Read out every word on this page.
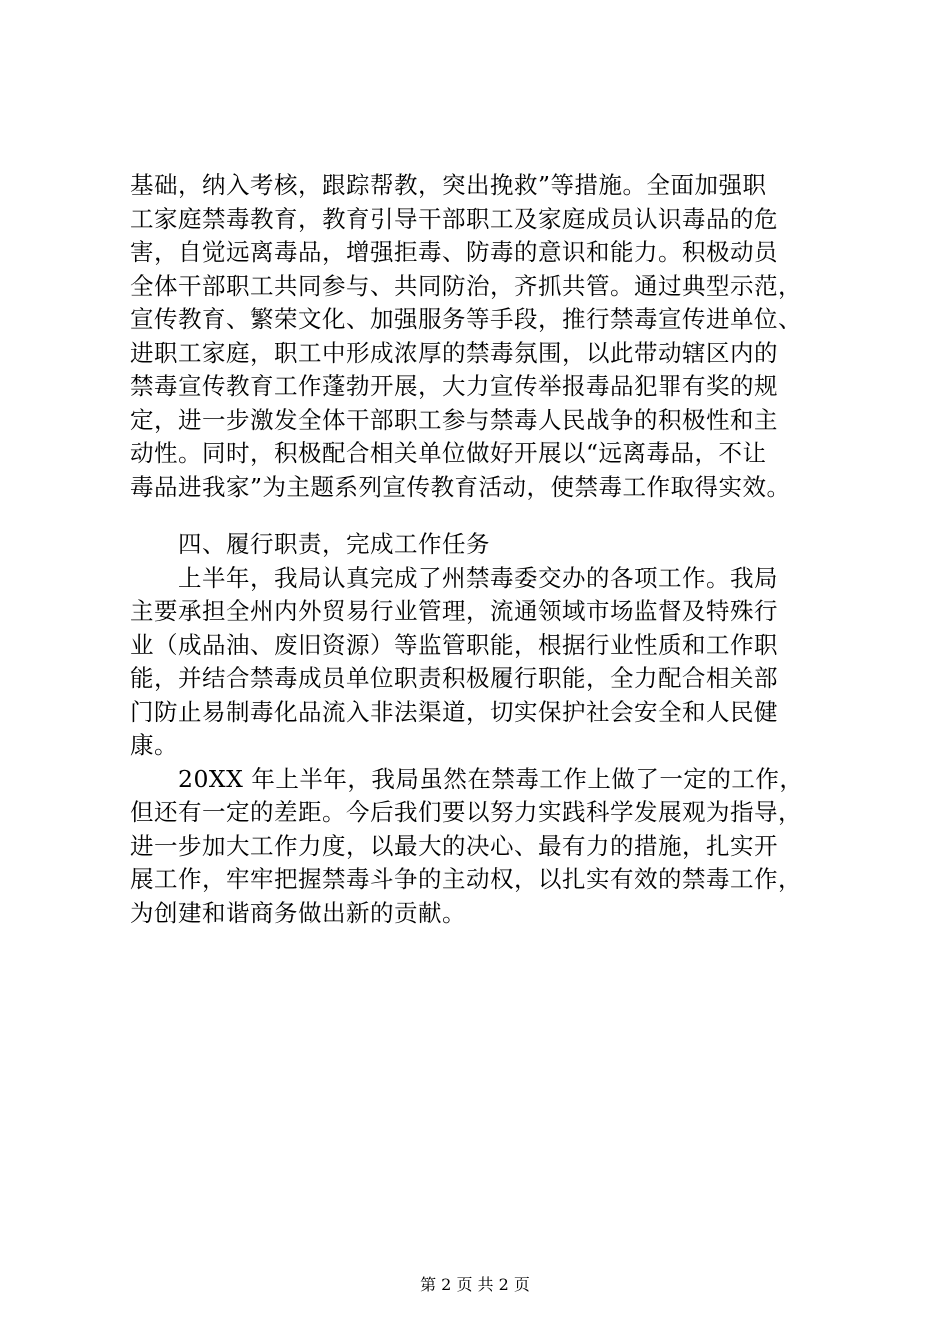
基础，纳入考核，跟踪帮教，突出挽救”等措施。全面加强职
工家庭禁毒教育，教育引导干部职工及家庭成员认识毒品的危
害，自觉远离毒品，增强拒毒、防毒的意识和能力。积极动员
全体干部职工共同参与、共同防治，齐抓共管。通过典型示范，
宣传教育、繁荣文化、加强服务等手段，推行禁毒宣传进单位、
进职工家庭，职工中形成浓厚的禁毒氛围，以此带动辖区内的
禁毒宣传教育工作蓬勃开展，大力宣传举报毒品犯罪有奖的规
定，进一步激发全体干部职工参与禁毒人民战争的积极性和主
动性。同时，积极配合相关单位做好开展以“远离毒品，不让
毒品进我家”为主题系列宣传教育活动，使禁毒工作取得实效。
四、履行职责，完成工作任务
上半年，我局认真完成了州禁毒委交办的各项工作。我局
主要承担全州内外贸易行业管理，流通领域市场监督及特殊行
业（成品油、废旧资源）等监管职能，根据行业性质和工作职
能，并结合禁毒成员单位职责积极履行职能，全力配合相关部
门防止易制毒化品流入非法渠道，切实保护社会安全和人民健
康。
20XX 年上半年，我局虽然在禁毒工作上做了一定的工作，
但还有一定的差距。今后我们要以努力实践科学发展观为指导，
进一步加大工作力度，以最大的决心、最有力的措施，扎实开
展工作，牢牢把握禁毒斗争的主动权，以扎实有效的禁毒工作，
为创建和谐商务做出新的贡献。
第 2 页 共 2 页
